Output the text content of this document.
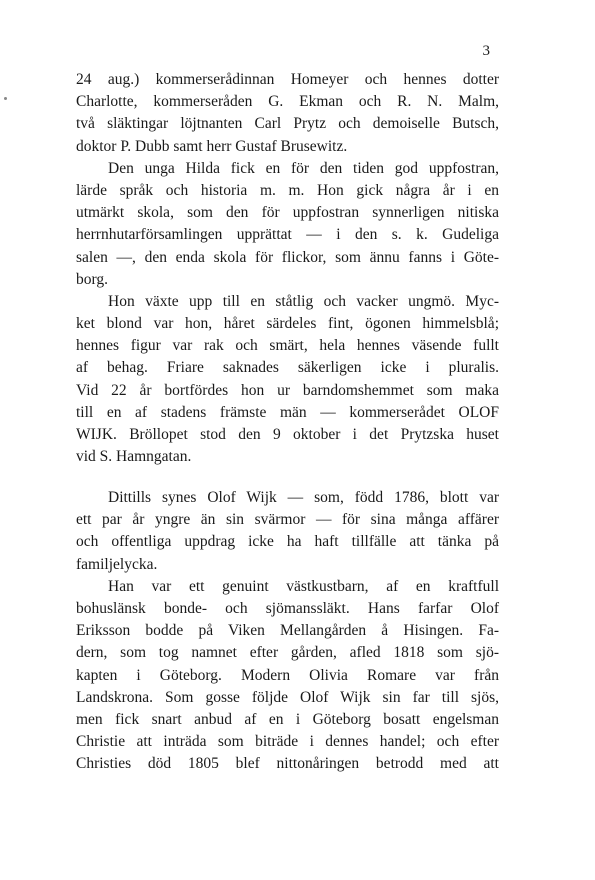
3
24 aug.) kommerserådinnan Homeyer och hennes dotter
Charlotte, kommerseråden G. Ekman och R. N. Malm,
två släktingar löjtnanten Carl Prytz och demoiselle Butsch,
doktor P. Dubb samt herr Gustaf Brusewitz.
Den unga Hilda fick en för den tiden god uppfostran,
lärde språk och historia m. m. Hon gick några år i en
utmärkt skola, som den för uppfostran synnerligen nitiska
herrnhutarförsamlingen upprättat — i den s. k. Gudeliga
salen —, den enda skola för flickor, som ännu fanns i Göte-
borg.
Hon växte upp till en ståtlig och vacker ungmö. Myc-
ket blond var hon, håret särdeles fint, ögonen himmelsblå;
hennes figur var rak och smärt, hela hennes väsende fullt
af behag. Friare saknades säkerligen icke i pluralis.
Vid 22 år bortfördes hon ur barndomshemmet som maka
till en af stadens främste män — kommerserådet OLOF
WIJK. Bröllopet stod den 9 oktober i det Prytzska huset
vid S. Hamngatan.
Dittills synes Olof Wijk — som, född 1786, blott var
ett par år yngre än sin svärmor — för sina många affärer
och offentliga uppdrag icke ha haft tillfälle att tänka på
familjelycka.
Han var ett genuint västkustbarn, af en kraftfull
bohuslänsk bonde- och sjömanssläkt. Hans farfar Olof
Eriksson bodde på Viken Mellangården å Hisingen. Fa-
dern, som tog namnet efter gården, afled 1818 som sjö-
kapten i Göteborg. Modern Olivia Romare var från
Landskrona. Som gosse följde Olof Wijk sin far till sjös,
men fick snart anbud af en i Göteborg bosatt engelsman
Christie att inträda som biträde i dennes handel; och efter
Christies död 1805 blef nittonåringen betrodd med att
